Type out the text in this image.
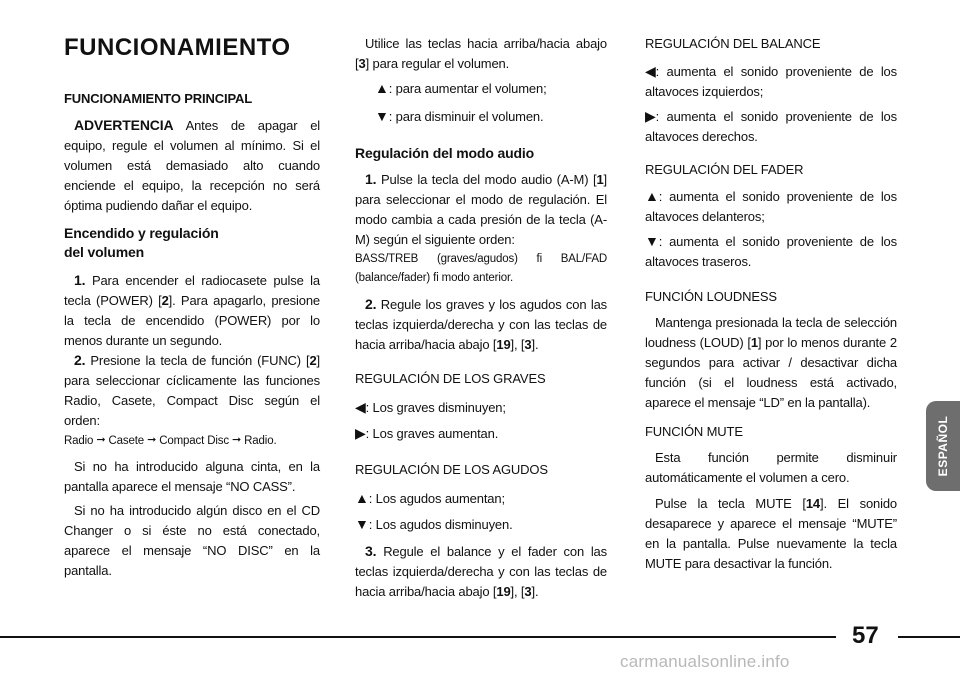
FUNCIONAMIENTO

FUNCIONAMIENTO PRINCIPAL

ADVERTENCIA Antes de apagar el equipo, regule el volumen al mínimo. Si el volumen está demasiado alto cuando enciende el equipo, la recepción no será óptima pudiendo dañar el equipo.

Encendido y regulación

del volumen

1. Para encender el radiocasete pulse la tecla (POWER) [2]. Para apagarlo, presione la tecla de encendido (POWER) por lo menos durante un segundo.

2. Presione la tecla de función (FUNC) [2] para seleccionar cíclicamente las funciones Radio, Casete, Compact Disc según el orden:

Radio ➞ Casete ➞ Compact Disc ➞ Radio.

Si no ha introducido alguna cinta, en la pantalla aparece el mensaje “NO CASS”.

Si no ha introducido algún disco en el CD Changer o si éste no está conectado, aparece el mensaje “NO DISC” en la pantalla.

Utilice las teclas hacia arriba/hacia abajo [3] para regular el volumen.

▲: para aumentar el volumen;

▼: para disminuir el volumen.

Regulación del modo audio

1. Pulse la tecla del modo audio (A-M) [1] para seleccionar el modo de regulación. El modo cambia a cada presión de la tecla (A-M) según el siguiente orden:

BASS/TREB (graves/agudos) fi BAL/FAD (balance/fader) fi modo anterior.

2. Regule los graves y los agudos con las teclas izquierda/derecha y con las teclas de hacia arriba/hacia abajo [19], [3].

REGULACIÓN DE LOS GRAVES

◀: Los graves disminuyen;

▶: Los graves aumentan.

REGULACIÓN DE LOS AGUDOS

▲: Los agudos aumentan;

▼: Los agudos disminuyen.

3. Regule el balance y el fader con las teclas izquierda/derecha y con las teclas de hacia arriba/hacia abajo [19], [3].

REGULACIÓN DEL BALANCE

◀: aumenta el sonido proveniente de los altavoces izquierdos;

▶: aumenta el sonido proveniente de los altavoces derechos.

REGULACIÓN DEL FADER

▲: aumenta el sonido proveniente de los altavoces delanteros;

▼: aumenta el sonido proveniente de los altavoces traseros.

FUNCIÓN LOUDNESS

Mantenga presionada la tecla de selección loudness (LOUD) [1] por lo menos durante 2 segundos para activar / desactivar dicha función (si el loudness está activado, aparece el mensaje “LD” en la pantalla).

FUNCIÓN MUTE

Esta función permite disminuir automáticamente el volumen a cero.

Pulse la tecla MUTE [14]. El sonido desaparece y aparece el mensaje “MUTE” en la pantalla. Pulse nuevamente la tecla MUTE para desactivar la función.

ESPAÑOL
57
carmanualsonline.info
